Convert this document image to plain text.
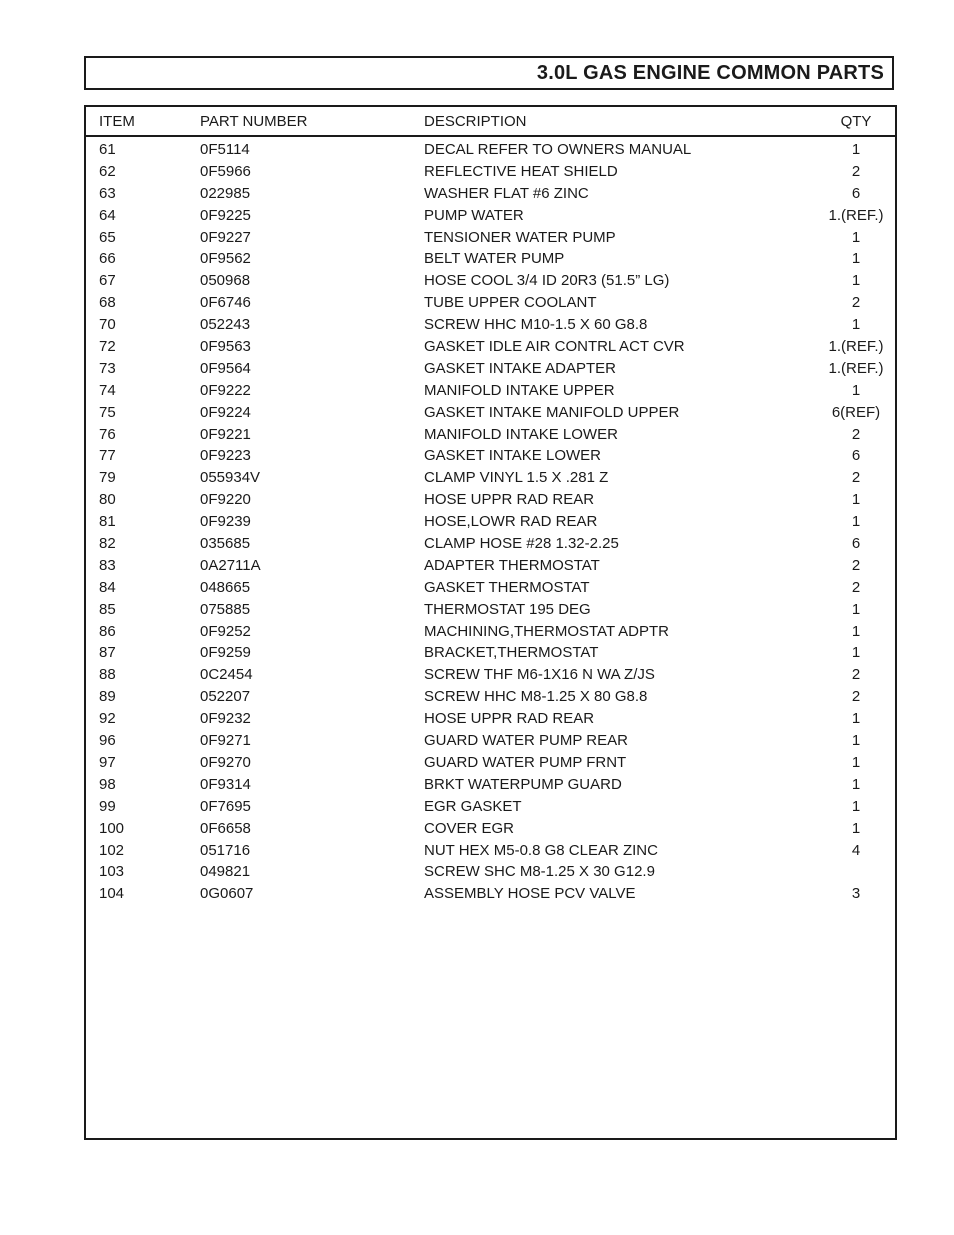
3.0L GAS ENGINE COMMON PARTS
ITEM	PART NUMBER	DESCRIPTION	QTY
61	0F5114	DECAL REFER TO OWNERS MANUAL	1
62	0F5966	REFLECTIVE HEAT SHIELD	2
63	022985	WASHER FLAT #6 ZINC	6
64	0F9225	PUMP WATER	1.(REF.)
65	0F9227	TENSIONER WATER PUMP	1
66	0F9562	BELT WATER PUMP	1
67	050968	HOSE COOL 3/4 ID 20R3 (51.5” LG)	1
68	0F6746	TUBE UPPER COOLANT	2
70	052243	SCREW HHC M10-1.5 X 60 G8.8	1
72	0F9563	GASKET IDLE AIR CONTRL ACT CVR	1.(REF.)
73	0F9564	GASKET INTAKE ADAPTER	1.(REF.)
74	0F9222	MANIFOLD INTAKE UPPER	1
75	0F9224	GASKET INTAKE MANIFOLD UPPER	6(REF)
76	0F9221	MANIFOLD INTAKE LOWER	2
77	0F9223	GASKET INTAKE LOWER	6
79	055934V	CLAMP VINYL 1.5 X .281 Z	2
80	0F9220	HOSE UPPR RAD REAR	1
81	0F9239	HOSE,LOWR RAD REAR	1
82	035685	CLAMP HOSE #28 1.32-2.25	6
83	0A2711A	ADAPTER THERMOSTAT	2
84	048665	GASKET THERMOSTAT	2
85	075885	THERMOSTAT 195 DEG	1
86	0F9252	MACHINING,THERMOSTAT ADPTR	1
87	0F9259	BRACKET,THERMOSTAT	1
88	0C2454	SCREW THF M6-1X16 N WA Z/JS	2
89	052207	SCREW HHC M8-1.25 X 80 G8.8	2
92	0F9232	HOSE UPPR RAD REAR	1
96	0F9271	GUARD WATER PUMP REAR	1
97	0F9270	GUARD WATER PUMP FRNT	1
98	0F9314	BRKT WATERPUMP GUARD	1
99	0F7695	EGR GASKET	1
100	0F6658	COVER EGR	1
102	051716	NUT HEX M5-0.8 G8 CLEAR ZINC	4
103	049821	SCREW SHC M8-1.25 X 30 G12.9
104	0G0607	ASSEMBLY HOSE PCV VALVE	3
